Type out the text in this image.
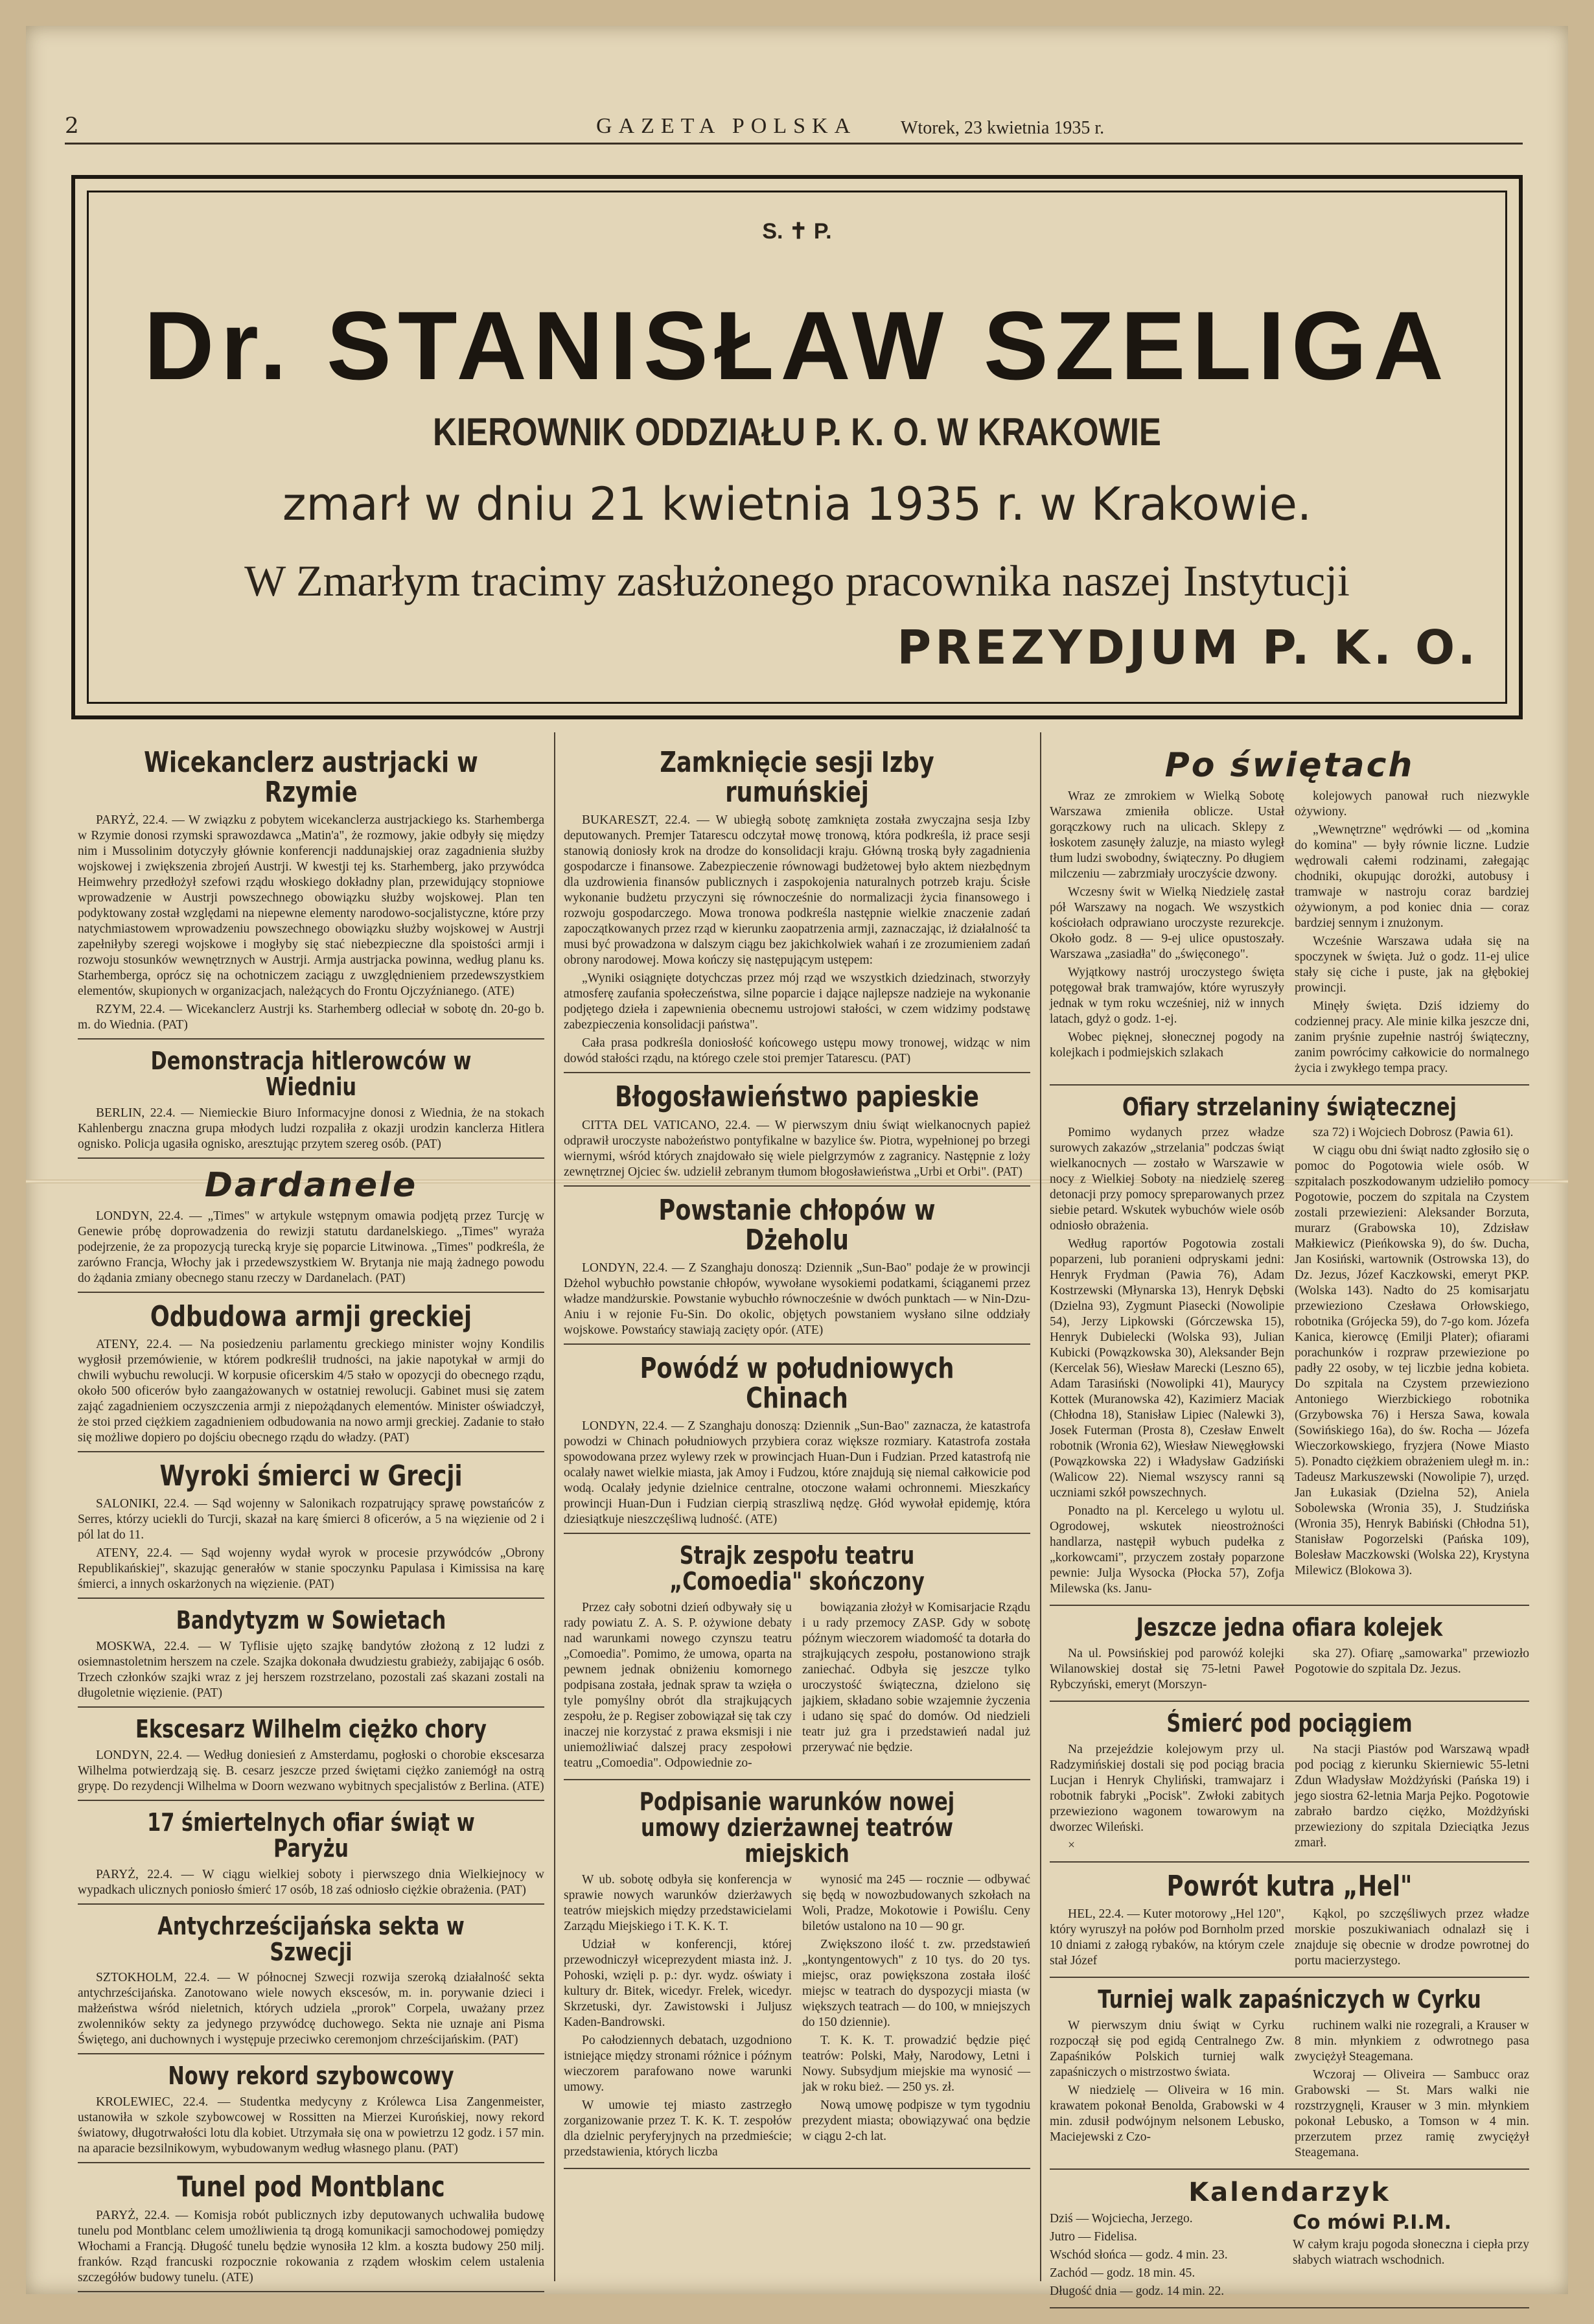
2	GAZETA POLSKA Wtorek, 23 kwietnia 1935 r.
S. ✝ P.
Dr. STANISŁAW SZELIGA
KIEROWNIK ODDZIAŁU P. K. O. W KRAKOWIE
zmarł w dniu 21 kwietnia 1935 r. w Krakowie.
W Zmarłym tracimy zasłużonego pracownika naszej Instytucji
PREZYDJUM P. K. O.
Wicekanclerz austrjacki w Rzymie

PARYŻ, 22.4. — W związku z pobytem wicekanclerza austrjackiego ks. Starhemberga w Rzymie donosi rzymski sprawozdawca „Matin'a", że rozmowy, jakie odbyły się między nim i Mussolinim dotyczyły głównie konferencji naddunajskiej oraz zagadnienia służby wojskowej i zwiększenia zbrojeń Austrji. W kwestji tej ks. Starhemberg, jako przywódca Heimwehry przedłożył szefowi rządu włoskiego dokładny plan, przewidujący stopniowe wprowadzenie w Austrji powszechnego obowiązku służby wojskowej. Plan ten podyktowany został względami na niepewne elementy narodowo-socjalistyczne, które przy natychmiastowem wprowadzeniu powszechnego obowiązku służby wojskowej w Austrji zapełniłyby szeregi wojskowe i mogłyby się stać niebezpieczne dla spoistości armji i rozwoju stosunków wewnętrznych w Austrji. Armja austrjacka powinna, według planu ks. Starhemberga, oprócz się na ochotniczem zaciągu z uwzględnieniem przedewszystkiem elementów, skupionych w organizacjach, należących do Frontu Ojczyźnianego. (ATE)

RZYM, 22.4. — Wicekanclerz Austrji ks. Starhemberg odleciał w sobotę dn. 20-go b. m. do Wiednia. (PAT)

Demonstracja hitlerowców w Wiedniu

BERLIN, 22.4. — Niemieckie Biuro Informacyjne donosi z Wiednia, że na stokach Kahlenbergu znaczna grupa młodych ludzi rozpaliła z okazji urodzin kanclerza Hitlera ognisko. Policja ugasiła ognisko, aresztując przytem szereg osób. (PAT)

Dardanele

LONDYN, 22.4. — „Times" w artykule wstępnym omawia podjętą przez Turcję w Genewie próbę doprowadzenia do rewizji statutu dardanelskiego. „Times" wyraża podejrzenie, że za propozycją turecką kryje się poparcie Litwinowa. „Times" podkreśla, że zarówno Francja, Włochy jak i przedewszystkiem W. Brytanja nie mają żadnego powodu do żądania zmiany obecnego stanu rzeczy w Dardanelach. (PAT)

Odbudowa armji greckiej

ATENY, 22.4. — Na posiedzeniu parlamentu greckiego minister wojny Kondilis wygłosił przemówienie, w którem podkreślił trudności, na jakie napotykał w armji do chwili wybuchu rewolucji. W korpusie oficerskim 4/5 stało w opozycji do obecnego rządu, około 500 oficerów było zaangażowanych w ostatniej rewolucji. Gabinet musi się zatem zająć zagadnieniem oczyszczenia armji z niepożądanych elementów. Minister oświadczył, że stoi przed ciężkiem zagadnieniem odbudowania na nowo armji greckiej. Zadanie to stało się możliwe dopiero po dojściu obecnego rządu do władzy. (PAT)

Wyroki śmierci w Grecji

SALONIKI, 22.4. — Sąd wojenny w Salonikach rozpatrujący sprawę powstańców z Serres, którzy uciekli do Turcji, skazał na karę śmierci 8 oficerów, a 5 na więzienie od 2 i pól lat do 11.

ATENY, 22.4. — Sąd wojenny wydał wyrok w procesie przywódców „Obrony Republikańskiej", skazując generałów w stanie spoczynku Papulasa i Kimissisa na karę śmierci, a innych oskarżonych na więzienie. (PAT)

Bandytyzm w Sowietach

MOSKWA, 22.4. — W Tyflisie ujęto szajkę bandytów złożoną z 12 ludzi z osiemnastoletnim herszem na czele. Szajka dokonała dwudziestu grabieży, zabijając 6 osób. Trzech członków szajki wraz z jej herszem rozstrzelano, pozostali zaś skazani zostali na długoletnie więzienie. (PAT)

Ekscesarz Wilhelm ciężko chory

LONDYN, 22.4. — Według doniesień z Amsterdamu, pogłoski o chorobie ekscesarza Wilhelma potwierdzają się. B. cesarz jeszcze przed świętami ciężko zaniemógł na ostrą grypę. Do rezydencji Wilhelma w Doorn wezwano wybitnych specjalistów z Berlina. (ATE)

17 śmiertelnych ofiar świąt w Paryżu

PARYŻ, 22.4. — W ciągu wielkiej soboty i pierwszego dnia Wielkiejnocy w wypadkach ulicznych poniosło śmierć 17 osób, 18 zaś odniosło ciężkie obrażenia. (PAT)

Antychrześcijańska sekta w Szwecji

SZTOKHOLM, 22.4. — W północnej Szwecji rozwija szeroką działalność sekta antychrześcijańska. Zanotowano wiele nowych ekscesów, m. in. porywanie dzieci i małżeństwa wśród nieletnich, których udziela „prorok" Corpela, uważany przez zwolenników sekty za jedynego przywódcę duchowego. Sekta nie uznaje ani Pisma Świętego, ani duchownych i występuje przeciwko ceremonjom chrześcijańskim. (PAT)

Nowy rekord szybowcowy

KROLEWIEC, 22.4. — Studentka medycyny z Królewca Lisa Zangenmeister, ustanowiła w szkole szybowcowej w Rossitten na Mierzei Kurońskiej, nowy rekord światowy, długotrwałości lotu dla kobiet. Utrzymała się ona w powietrzu 12 godz. i 57 min. na aparacie bezsilnikowym, wybudowanym według własnego planu. (PAT)

Tunel pod Montblanc

PARYŻ, 22.4. — Komisja robót publicznych izby deputowanych uchwaliła budowę tunelu pod Montblanc celem umożliwienia tą drogą komunikacji samochodowej pomiędzy Włochami a Francją. Długość tunelu będzie wynosiła 12 klm. a koszta budowy 250 milj. franków. Rząd francuski rozpocznie rokowania z rządem włoskim celem ustalenia szczegółów budowy tunelu. (ATE)

Zamknięcie sesji Izby rumuńskiej

BUKARESZT, 22.4. — W ubiegłą sobotę zamknięta została zwyczajna sesja Izby deputowanych. Premjer Tatarescu odczytał mowę tronową, która podkreśla, iż prace sesji stanowią doniosły krok na drodze do konsolidacji kraju. Główną troską były zagadnienia gospodarcze i finansowe. Zabezpieczenie równowagi budżetowej było aktem niezbędnym dla uzdrowienia finansów publicznych i zaspokojenia naturalnych potrzeb kraju. Ścisłe wykonanie budżetu przyczyni się równocześnie do normalizacji życia finansowego i rozwoju gospodarczego. Mowa tronowa podkreśla następnie wielkie znaczenie zadań zapoczątkowanych przez rząd w kierunku zaopatrzenia armji, zaznaczając, iż działalność ta musi być prowadzona w dalszym ciągu bez jakichkolwiek wahań i ze zrozumieniem zadań obrony narodowej. Mowa kończy się następującym ustępem:

„Wyniki osiągnięte dotychczas przez mój rząd we wszystkich dziedzinach, stworzyły atmosferę zaufania społeczeństwa, silne poparcie i dające najlepsze nadzieje na wykonanie podjętego dzieła i zapewnienia obecnemu ustrojowi stałości, w czem widzimy podstawę zabezpieczenia konsolidacji państwa".

Cała prasa podkreśla doniosłość końcowego ustępu mowy tronowej, widząc w nim dowód stałości rządu, na którego czele stoi premjer Tatarescu. (PAT)

Błogosławieństwo papieskie

CITTA DEL VATICANO, 22.4. — W pierwszym dniu świąt wielkanocnych papież odprawił uroczyste nabożeństwo pontyfikalne w bazylice św. Piotra, wypełnionej po brzegi wiernymi, wśród których znajdowało się wiele pielgrzymów z zagranicy. Następnie z loży zewnętrznej Ojciec św. udzielił zebranym tłumom błogosławieństwa „Urbi et Orbi". (PAT)

Powstanie chłopów w Dżeholu

LONDYN, 22.4. — Z Szanghaju donoszą: Dziennik „Sun-Bao" podaje że w prowincji Dżehol wybuchło powstanie chłopów, wywołane wysokiemi podatkami, ściąganemi przez władze mandżurskie. Powstanie wybuchło równocześnie w dwóch punktach — w Nin-Dzu-Aniu i w rejonie Fu-Sin. Do okolic, objętych powstaniem wysłano silne oddziały wojskowe. Powstańcy stawiają zacięty opór. (ATE)

Powódź w południowych Chinach

LONDYN, 22.4. — Z Szanghaju donoszą: Dziennik „Sun-Bao" zaznacza, że katastrofa powodzi w Chinach południowych przybiera coraz większe rozmiary. Katastrofa została spowodowana przez wylewy rzek w prowincjach Huan-Dun i Fudzian. Przed katastrofą nie ocalały nawet wielkie miasta, jak Amoy i Fudzou, które znajdują się niemal całkowicie pod wodą. Ocalały jedynie dzielnice centralne, otoczone wałami ochronnemi. Mieszkańcy prowincji Huan-Dun i Fudzian cierpią straszliwą nędzę. Głód wywołał epidemję, która dziesiątkuje nieszczęśliwą ludność. (ATE)

Strajk zespołu teatru „Comoedia" skończony

Przez cały sobotni dzień odbywały się u rady powiatu Z. A. S. P. ożywione debaty nad warunkami nowego czynszu teatru „Comoedia". Pomimo, że umowa, oparta na pewnem jednak obniżeniu komornego podpisana została, jednak spraw ta wzięła o tyle pomyślny obrót dla strajkujących zespołu, że p. Regiser zobowiązał się tak czy inaczej nie korzystać z prawa eksmisji i nie uniemożliwiać dalszej pracy zespołowi teatru „Comoedia". Odpowiednie zo-

bowiązania złożył w Komisarjacie Rządu i u rady przemocy ZASP. Gdy w sobotę późnym wieczorem wiadomość ta dotarła do strajkujących zespołu, postanowiono strajk zaniechać. Odbyła się jeszcze tylko uroczystość świąteczna, dzielono się jajkiem, składano sobie wzajemnie życzenia i udano się spać do domów. Od niedzieli teatr już gra i przedstawień nadal już przerywać nie będzie.

Podpisanie warunków nowej umowy dzierżawnej teatrów miejskich

W ub. sobotę odbyła się konferencja w sprawie nowych warunków dzierżawych teatrów miejskich między przedstawicielami Zarządu Miejskiego i T. K. K. T.

Udział w konferencji, której przewodniczył wiceprezydent miasta inż. J. Pohoski, wzięli p. p.: dyr. wydz. oświaty i kultury dr. Bitek, wicedyr. Frelek, wicedyr. Skrzetuski, dyr. Zawistowski i Juljusz Kaden-Bandrowski.

Po całodziennych debatach, uzgodniono istniejące między stronami różnice i późnym wieczorem parafowano nowe warunki umowy.

W umowie tej miasto zastrzegło zorganizowanie przez T. K. K. T. zespołów dla dzielnic peryferyjnych na przedmieście; przedstawienia, których liczba

wynosić ma 245 — rocznie — odbywać się będą w nowozbudowanych szkołach na Woli, Pradze, Mokotowie i Powiślu. Ceny biletów ustalono na 10 — 90 gr.

Zwiększono ilość t. zw. przedstawień „kontyngentowych" z 10 tys. do 20 tys. miejsc, oraz powiększona została ilość miejsc w teatrach do dyspozycji miasta (w większych teatrach — do 100, w mniejszych do 150 dziennie).

T. K. K. T. prowadzić będzie pięć teatrów: Polski, Mały, Narodowy, Letni i Nowy. Subsydjum miejskie ma wynosić — jak w roku bież. — 250 ys. zł.

Nową umowę podpisze w tym tygodniu prezydent miasta; obowiązywać ona będzie w ciągu 2-ch lat.

Po świętach

Wraz ze zmrokiem w Wielką Sobotę Warszawa zmieniła oblicze. Ustał gorączkowy ruch na ulicach. Sklepy z łoskotem zasunęły żaluzje, na miasto wyległ tłum ludzi swobodny, świąteczny. Po długiem milczeniu — zabrzmiały uroczyście dzwony.

Wczesny świt w Wielką Niedzielę zastał pół Warszawy na nogach. We wszystkich kościołach odprawiano uroczyste rezurekcje. Około godz. 8 — 9-ej ulice opustoszały. Warszawa „zasiadła" do „święconego".

Wyjątkowy nastrój uroczystego święta potęgował brak tramwajów, które wyruszyły jednak w tym roku wcześniej, niż w innych latach, gdyż o godz. 1-ej.

Wobec pięknej, słonecznej pogody na kolejkach i podmiejskich szlakach

kolejowych panował ruch niezwykle ożywiony.

„Wewnętrzne" wędrówki — od „komina do komina" — były równie liczne. Ludzie wędrowali całemi rodzinami, załegając chodniki, okupując dorożki, autobusy i tramwaje w nastroju coraz bardziej ożywionym, a pod koniec dnia — coraz bardziej sennym i znużonym.

Wcześnie Warszawa udała się na spoczynek w święta. Już o godz. 11-ej ulice stały się ciche i puste, jak na głębokiej prowincji.

Minęły święta. Dziś idziemy do codziennej pracy. Ale minie kilka jeszcze dni, zanim pryśnie zupełnie nastrój świąteczny, zanim powrócimy całkowicie do normalnego życia i zwykłego tempa pracy.

Ofiary strzelaniny świątecznej

Pomimo wydanych przez władze surowych zakazów „strzelania" podczas świąt wielkanocnych — zostało w Warszawie w nocy z Wielkiej Soboty na niedzielę szereg detonacji przy pomocy spreparowanych przez siebie petard. Wskutek wybuchów wiele osób odniosło obrażenia.

Według raportów Pogotowia zostali poparzeni, lub poranieni odpryskami jedni: Henryk Frydman (Pawia 76), Adam Kostrzewski (Młynarska 13), Henryk Dębski (Dzielna 93), Zygmunt Piasecki (Nowolipie 54), Jerzy Lipkowski (Górczewska 15), Henryk Dubielecki (Wolska 93), Julian Kubicki (Powązkowska 30), Aleksander Bejn (Kercelak 56), Wiesław Marecki (Leszno 65), Adam Tarasiński (Nowolipki 41), Maurycy Kottek (Muranowska 42), Kazimierz Maciak (Chłodna 18), Stanisław Lipiec (Nalewki 3), Josek Futerman (Prosta 8), Czesław Enwelt robotnik (Wronia 62), Wiesław Niewęgłowski (Powązkowska 22) i Władysław Gadziński (Walicow 22). Niemal wszyscy ranni są uczniami szkół powszechnych.

Ponadto na pl. Kercelego u wylotu ul. Ogrodowej, wskutek nieostrożności handlarza, następił wybuch pudełka z „korkowcami", przyczem zostały poparzone pewnie: Julja Wysocka (Płocka 57), Zofja Milewska (ks. Janu-

sza 72) i Wojciech Dobrosz (Pawia 61).

W ciągu obu dni świąt nadto zgłosiło się o pomoc do Pogotowia wiele osób. W szpitalach poszkodowanym udzieliło pomocy Pogotowie, poczem do szpitala na Czystem zostali przewiezieni: Aleksander Borzuta, murarz (Grabowska 10), Zdzisław Małkiewicz (Pieńkowska 9), do św. Ducha, Jan Kosiński, wartownik (Ostrowska 13), do Dz. Jezus, Józef Kaczkowski, emeryt PKP. (Wolska 143). Nadto do 25 komisarjatu przewieziono Czesława Orłowskiego, robotnika (Grójecka 59), do 7-go kom. Józefa Kanica, kierowcę (Emilji Plater); ofiarami porachunków i rozpraw przewiezione po padły 22 osoby, w tej liczbie jedna kobieta. Do szpitala na Czystem przewieziono Antoniego Wierzbickiego robotnika (Grzybowska 76) i Hersza Sawa, kowala (Sowińskiego 16a), do św. Rocha — Józefa Wieczorkowskiego, fryzjera (Nowe Miasto 5). Ponadto ciężkiem obrażeniem uległ m. in.: Tadeusz Markuszewski (Nowolipie 7), urzęd. Jan Łukasiak (Dzielna 52), Aniela Sobolewska (Wronia 35), J. Studzińska (Wronia 35), Henryk Babiński (Chłodna 51), Stanisław Pogorzelski (Pańska 109), Bolesław Maczkowski (Wolska 22), Krystyna Milewicz (Blokowa 3).

Jeszcze jedna ofiara kolejek

Na ul. Powsińskiej pod parowóź kolejki Wilanowskiej dostał się 75-letni Paweł Rybczyński, emeryt (Morszyn-

ska 27). Ofiarę „samowarka" przewiozło Pogotowie do szpitala Dz. Jezus.

Śmierć pod pociągiem

Na przejeździe kolejowym przy ul. Radzymińskiej dostali się pod pociąg bracia Lucjan i Henryk Chyliński, tramwajarz i robotnik fabryki „Pocisk". Zwłoki zabitych przewieziono wagonem towarowym na dworzec Wileński.

×

Na stacji Piastów pod Warszawą wpadł pod pociąg z kierunku Skierniewic 55-letni Zdun Władysław Możdżyński (Pańska 19) i jego siostra 62-letnia Marja Pejko. Pogotowie zabrało bardzo ciężko, Możdżyński przewieziony do szpitala Dzieciątka Jezus zmarł.

Powrót kutra „Hel"

HEL, 22.4. — Kuter motorowy „Hel 120", który wyruszył na połów pod Bornholm przed 10 dniami z załogą rybaków, na którym czele stał Józef

Kąkol, po szczęśliwych przez władze morskie poszukiwaniach odnalazł się i znajduje się obecnie w drodze powrotnej do portu macierzystego.

Turniej walk zapaśniczych w Cyrku

W pierwszym dniu świąt w Cyrku rozpoczął się pod egidą Centralnego Zw. Zapaśników Polskich turniej walk zapaśniczych o mistrzostwo świata.

W niedzielę — Oliveira w 16 min. krawatem pokonał Benolda, Grabowski w 4 min. zdusił podwójnym nelsonem Lebusko, Maciejewski z Czo-

ruchinem walki nie rozegrali, a Krauser w 8 min. młynkiem z odwrotnego pasa zwyciężył Steagemana.

Wczoraj — Oliveira — Sambucc oraz Grabowski — St. Mars walki nie rozstrzygnęli, Krauser w 3 min. młynkiem pokonał Lebusko, a Tomson w 4 min. przerzutem przez ramię zwyciężył Steagemana.

Kalendarzyk

Dziś — Wojciecha, Jerzego.

Jutro — Fidelisa.

Wschód słońca — godz. 4 min. 23.

Zachód — godz. 18 min. 45.

Długość dnia — godz. 14 min. 22.

Co mówi P.I.M.

W całym kraju pogoda słoneczna i ciepła przy słabych wiatrach wschodnich.
